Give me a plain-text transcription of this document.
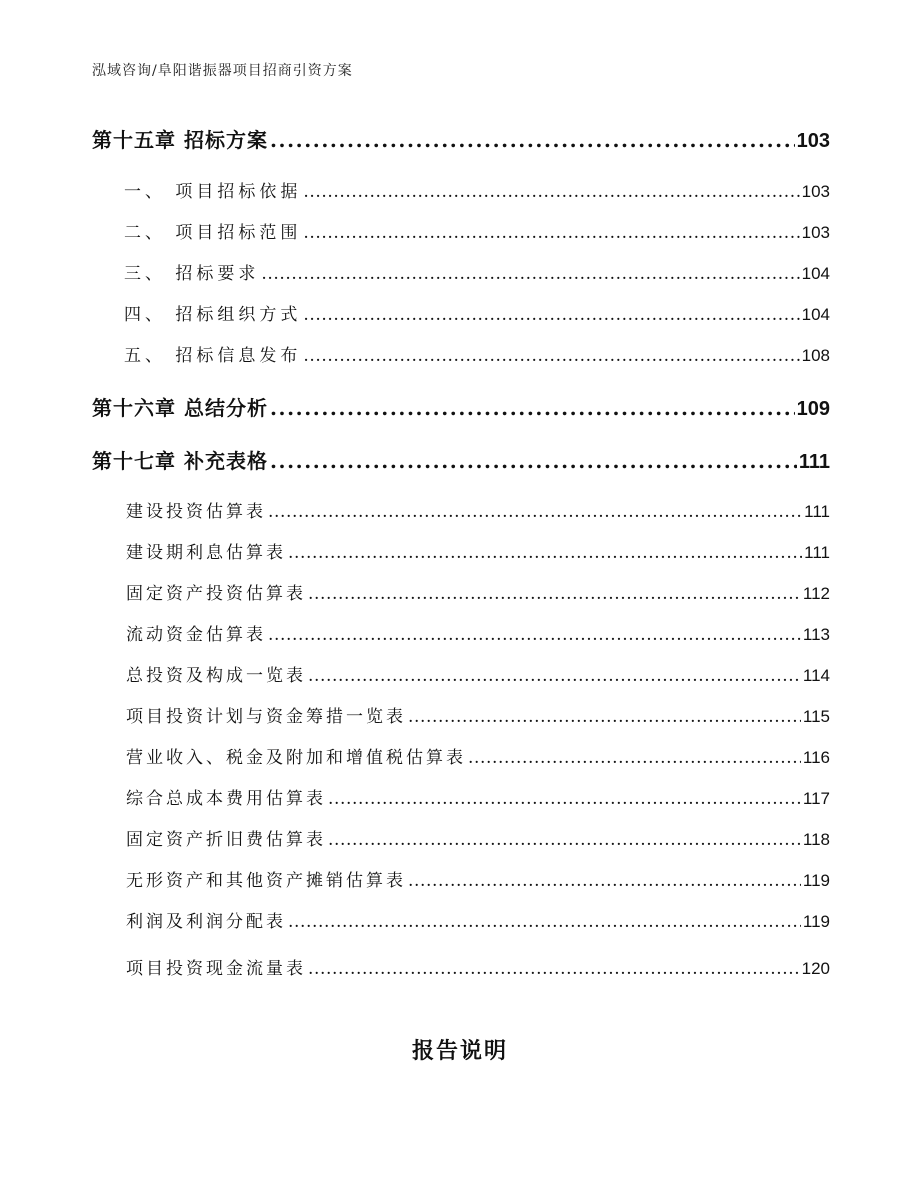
泓域咨询/阜阳谐振器项目招商引资方案
第十五章 招标方案 .....	103
一、 项目招标依据 .....	103
二、 项目招标范围 .....	103
三、 招标要求 .....	104
四、 招标组织方式 .....	104
五、 招标信息发布 .....	108
第十六章 总结分析 .....	109
第十七章 补充表格 .....	111
建设投资估算表 .....	111
建设期利息估算表 .....	111
固定资产投资估算表 .....	112
流动资金估算表 .....	113
总投资及构成一览表 .....	114
项目投资计划与资金筹措一览表 .....	115
营业收入、税金及附加和增值税估算表 .....	116
综合总成本费用估算表 .....	117
固定资产折旧费估算表 .....	118
无形资产和其他资产摊销估算表 .....	119
利润及利润分配表 .....	119
项目投资现金流量表 .....	120
报告说明
